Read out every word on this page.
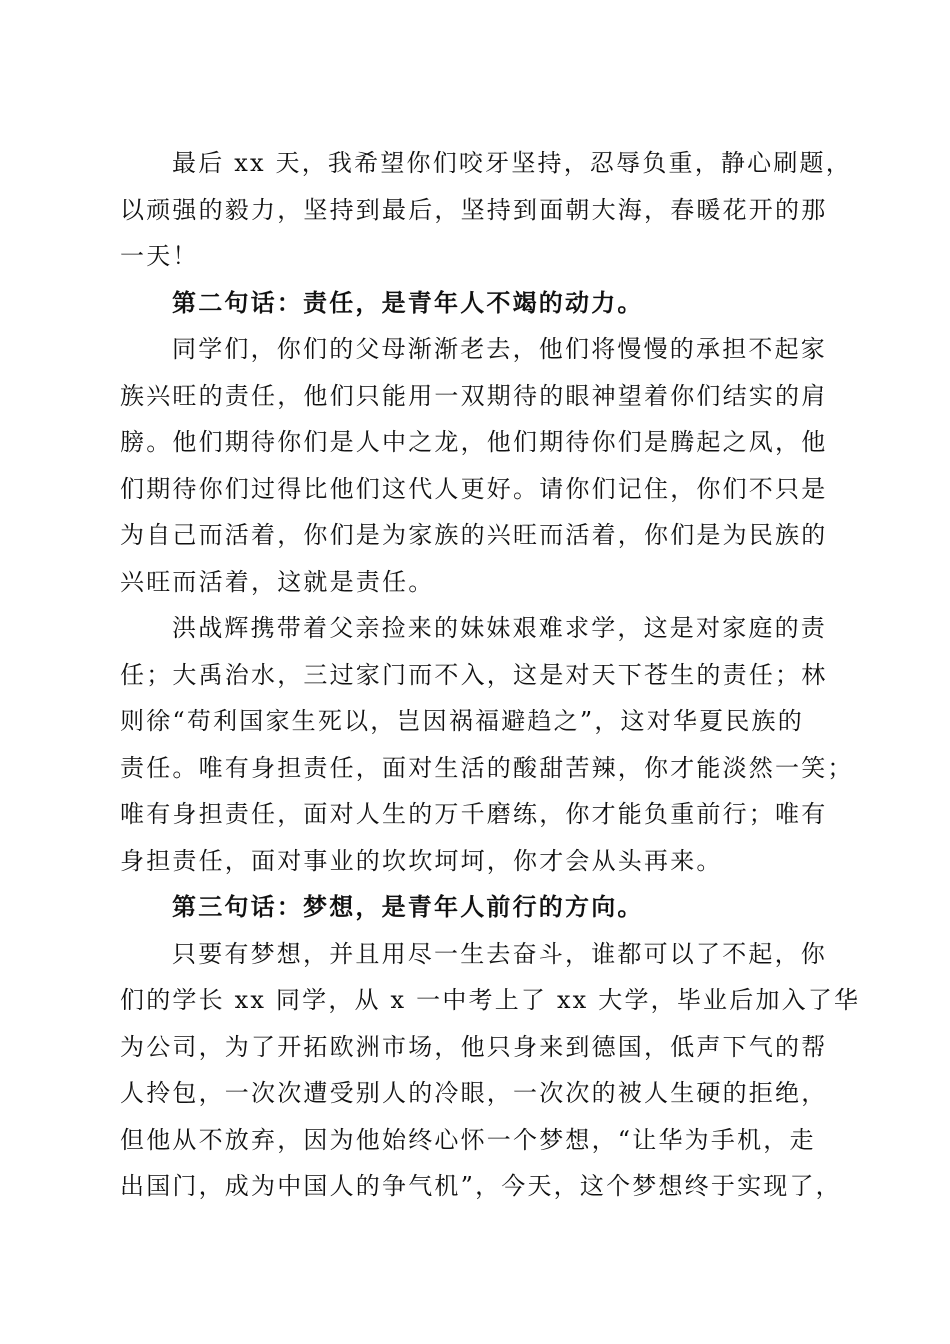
最后 xx 天，我希望你们咬牙坚持，忍辱负重，静心刷题，
以顽强的毅力，坚持到最后，坚持到面朝大海，春暖花开的那
一天！

第二句话：责任，是青年人不竭的动力。

同学们，你们的父母渐渐老去，他们将慢慢的承担不起家
族兴旺的责任，他们只能用一双期待的眼神望着你们结实的肩
膀。他们期待你们是人中之龙，他们期待你们是腾起之凤，他
们期待你们过得比他们这代人更好。请你们记住，你们不只是
为自己而活着，你们是为家族的兴旺而活着，你们是为民族的
兴旺而活着，这就是责任。

洪战辉携带着父亲捡来的妹妹艰难求学，这是对家庭的责
任；大禹治水，三过家门而不入，这是对天下苍生的责任；林
则徐“苟利国家生死以，岂因祸福避趋之”，这对华夏民族的
责任。唯有身担责任，面对生活的酸甜苦辣，你才能淡然一笑；
唯有身担责任，面对人生的万千磨练，你才能负重前行；唯有
身担责任，面对事业的坎坎坷坷，你才会从头再来。

第三句话：梦想，是青年人前行的方向。

只要有梦想，并且用尽一生去奋斗，谁都可以了不起，你
们的学长 xx 同学，从 x 一中考上了 xx 大学，毕业后加入了华
为公司，为了开拓欧洲市场，他只身来到德国，低声下气的帮
人拎包，一次次遭受别人的冷眼，一次次的被人生硬的拒绝，
但他从不放弃，因为他始终心怀一个梦想，“让华为手机，走
出国门，成为中国人的争气机”，今天，这个梦想终于实现了，
